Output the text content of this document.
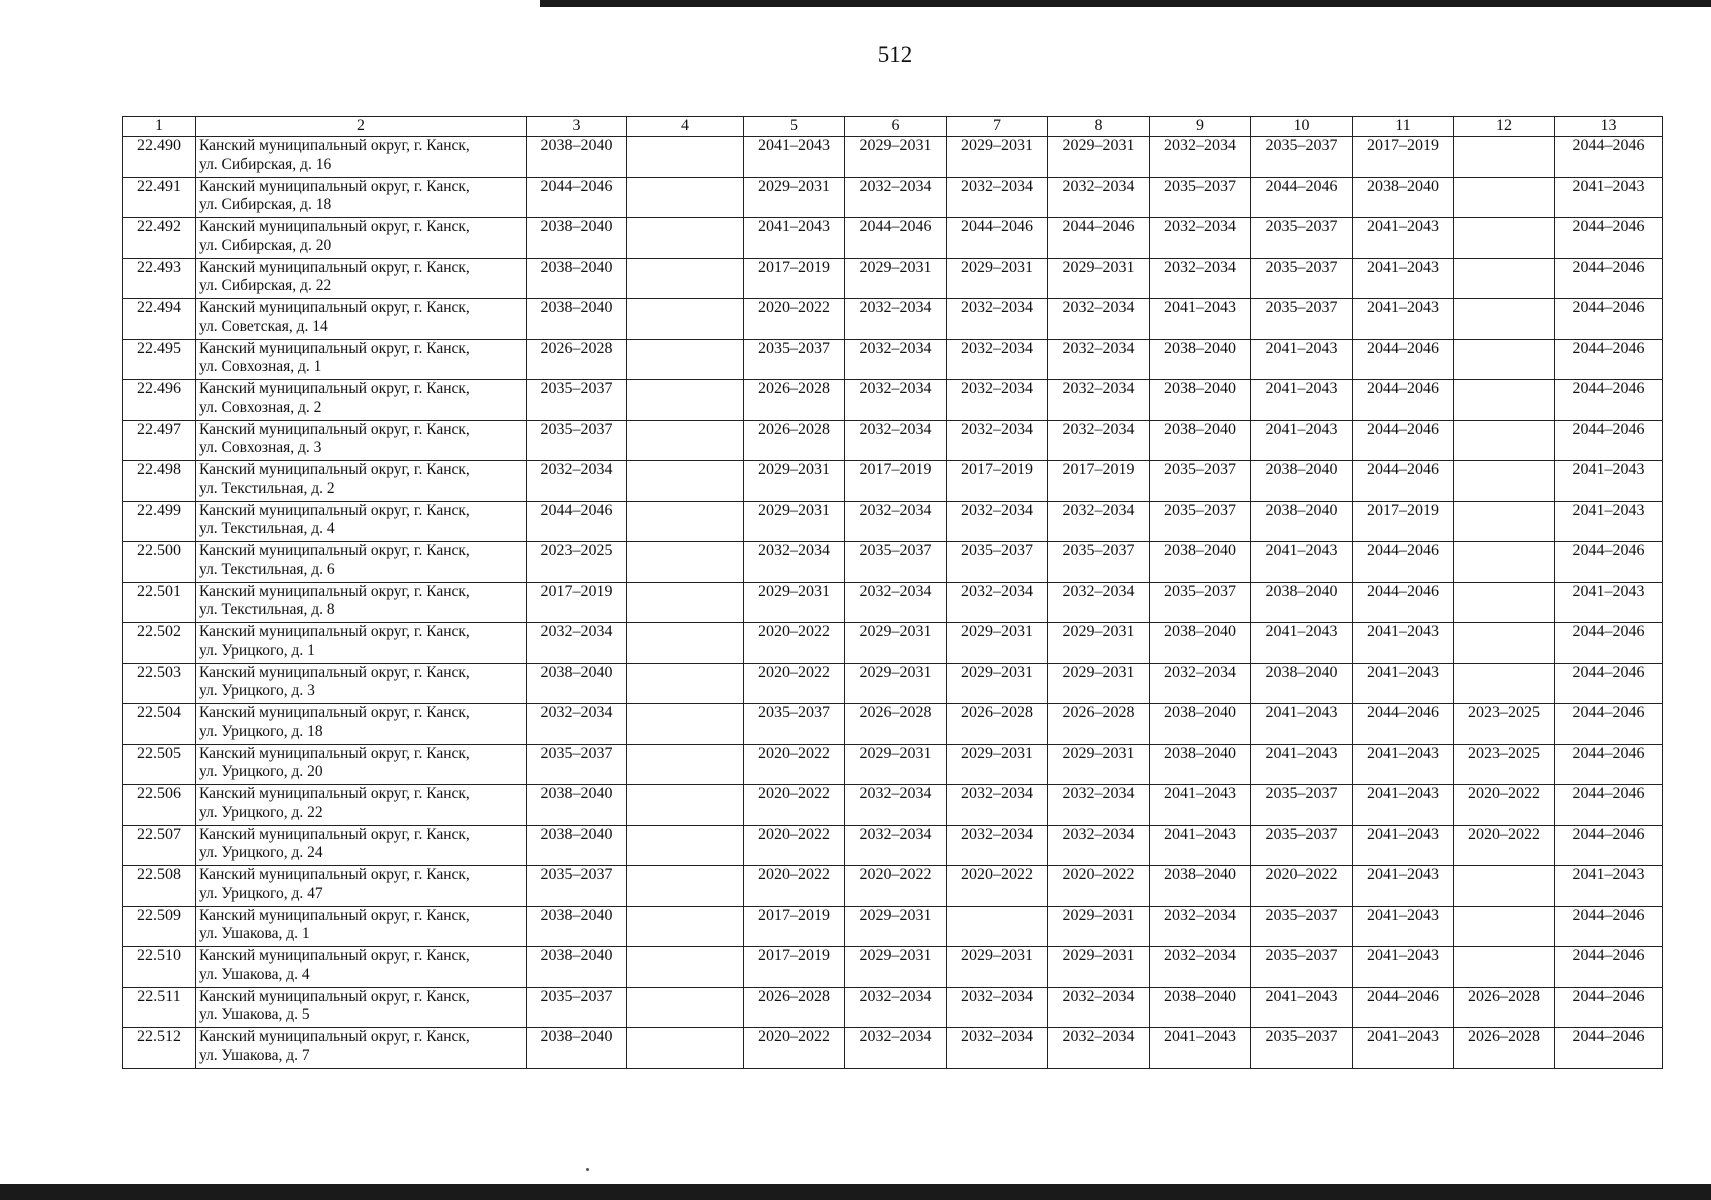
512
1	2	3	4	5	6	7	8	9	10	11	12	13
22.490	Канский муниципальный округ, г. Канск,
ул. Сибирская, д. 16	2038–2040		2041–2043	2029–2031	2029–2031	2029–2031	2032–2034	2035–2037	2017–2019		2044–2046
22.491	Канский муниципальный округ, г. Канск,
ул. Сибирская, д. 18	2044–2046		2029–2031	2032–2034	2032–2034	2032–2034	2035–2037	2044–2046	2038–2040		2041–2043
22.492	Канский муниципальный округ, г. Канск,
ул. Сибирская, д. 20	2038–2040		2041–2043	2044–2046	2044–2046	2044–2046	2032–2034	2035–2037	2041–2043		2044–2046
22.493	Канский муниципальный округ, г. Канск,
ул. Сибирская, д. 22	2038–2040		2017–2019	2029–2031	2029–2031	2029–2031	2032–2034	2035–2037	2041–2043		2044–2046
22.494	Канский муниципальный округ, г. Канск,
ул. Советская, д. 14	2038–2040		2020–2022	2032–2034	2032–2034	2032–2034	2041–2043	2035–2037	2041–2043		2044–2046
22.495	Канский муниципальный округ, г. Канск,
ул. Совхозная, д. 1	2026–2028		2035–2037	2032–2034	2032–2034	2032–2034	2038–2040	2041–2043	2044–2046		2044–2046
22.496	Канский муниципальный округ, г. Канск,
ул. Совхозная, д. 2	2035–2037		2026–2028	2032–2034	2032–2034	2032–2034	2038–2040	2041–2043	2044–2046		2044–2046
22.497	Канский муниципальный округ, г. Канск,
ул. Совхозная, д. 3	2035–2037		2026–2028	2032–2034	2032–2034	2032–2034	2038–2040	2041–2043	2044–2046		2044–2046
22.498	Канский муниципальный округ, г. Канск,
ул. Текстильная, д. 2	2032–2034		2029–2031	2017–2019	2017–2019	2017–2019	2035–2037	2038–2040	2044–2046		2041–2043
22.499	Канский муниципальный округ, г. Канск,
ул. Текстильная, д. 4	2044–2046		2029–2031	2032–2034	2032–2034	2032–2034	2035–2037	2038–2040	2017–2019		2041–2043
22.500	Канский муниципальный округ, г. Канск,
ул. Текстильная, д. 6	2023–2025		2032–2034	2035–2037	2035–2037	2035–2037	2038–2040	2041–2043	2044–2046		2044–2046
22.501	Канский муниципальный округ, г. Канск,
ул. Текстильная, д. 8	2017–2019		2029–2031	2032–2034	2032–2034	2032–2034	2035–2037	2038–2040	2044–2046		2041–2043
22.502	Канский муниципальный округ, г. Канск,
ул. Урицкого, д. 1	2032–2034		2020–2022	2029–2031	2029–2031	2029–2031	2038–2040	2041–2043	2041–2043		2044–2046
22.503	Канский муниципальный округ, г. Канск,
ул. Урицкого, д. 3	2038–2040		2020–2022	2029–2031	2029–2031	2029–2031	2032–2034	2038–2040	2041–2043		2044–2046
22.504	Канский муниципальный округ, г. Канск,
ул. Урицкого, д. 18	2032–2034		2035–2037	2026–2028	2026–2028	2026–2028	2038–2040	2041–2043	2044–2046	2023–2025	2044–2046
22.505	Канский муниципальный округ, г. Канск,
ул. Урицкого, д. 20	2035–2037		2020–2022	2029–2031	2029–2031	2029–2031	2038–2040	2041–2043	2041–2043	2023–2025	2044–2046
22.506	Канский муниципальный округ, г. Канск,
ул. Урицкого, д. 22	2038–2040		2020–2022	2032–2034	2032–2034	2032–2034	2041–2043	2035–2037	2041–2043	2020–2022	2044–2046
22.507	Канский муниципальный округ, г. Канск,
ул. Урицкого, д. 24	2038–2040		2020–2022	2032–2034	2032–2034	2032–2034	2041–2043	2035–2037	2041–2043	2020–2022	2044–2046
22.508	Канский муниципальный округ, г. Канск,
ул. Урицкого, д. 47	2035–2037		2020–2022	2020–2022	2020–2022	2020–2022	2038–2040	2020–2022	2041–2043		2041–2043
22.509	Канский муниципальный округ, г. Канск,
ул. Ушакова, д. 1	2038–2040		2017–2019	2029–2031		2029–2031	2032–2034	2035–2037	2041–2043		2044–2046
22.510	Канский муниципальный округ, г. Канск,
ул. Ушакова, д. 4	2038–2040		2017–2019	2029–2031	2029–2031	2029–2031	2032–2034	2035–2037	2041–2043		2044–2046
22.511	Канский муниципальный округ, г. Канск,
ул. Ушакова, д. 5	2035–2037		2026–2028	2032–2034	2032–2034	2032–2034	2038–2040	2041–2043	2044–2046	2026–2028	2044–2046
22.512	Канский муниципальный округ, г. Канск,
ул. Ушакова, д. 7	2038–2040		2020–2022	2032–2034	2032–2034	2032–2034	2041–2043	2035–2037	2041–2043	2026–2028	2044–2046
